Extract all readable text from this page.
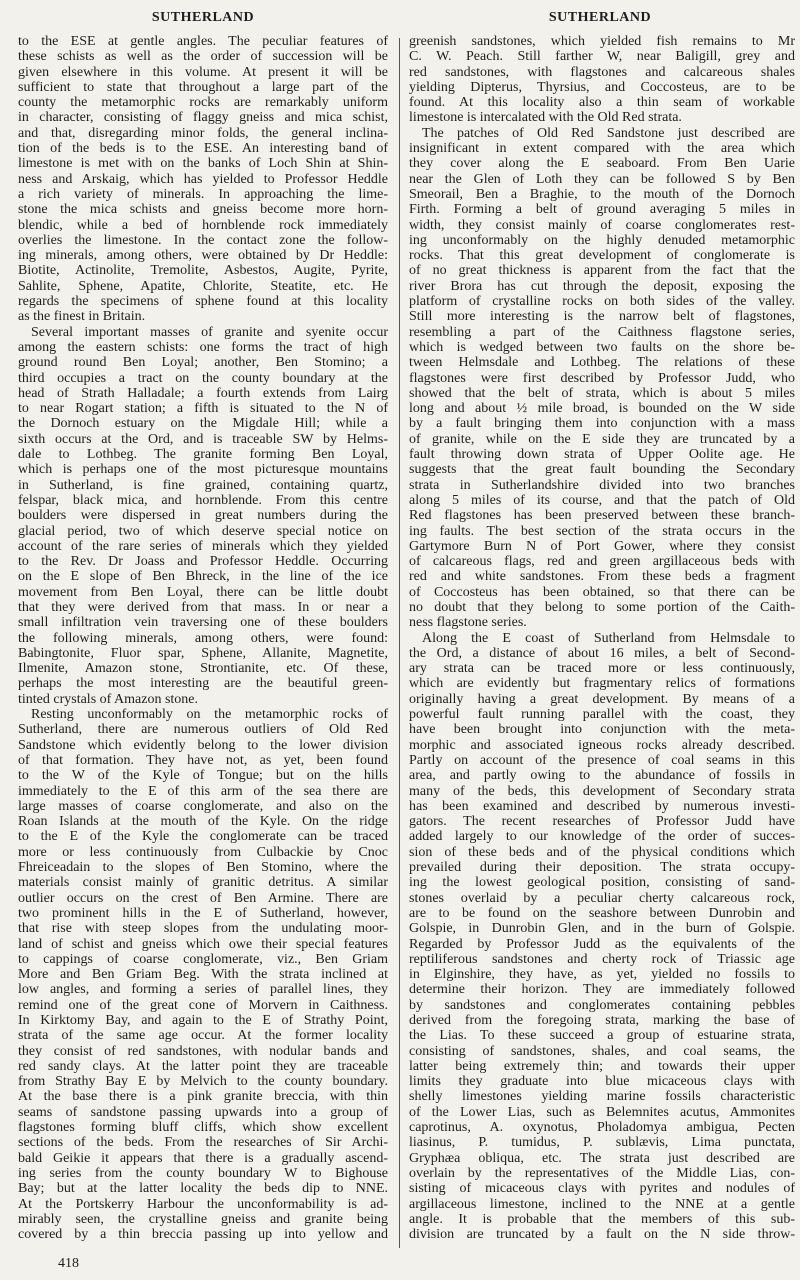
SUTHERLAND	SUTHERLAND
to the ESE at gentle angles. The peculiar features of
these schists as well as the order of succession will be
given elsewhere in this volume. At present it will be
sufficient to state that throughout a large part of the
county the metamorphic rocks are remarkably uniform
in character, consisting of flaggy gneiss and mica schist,
and that, disregarding minor folds, the general inclina-
tion of the beds is to the ESE. An interesting band of
limestone is met with on the banks of Loch Shin at Shin-
ness and Arskaig, which has yielded to Professor Heddle
a rich variety of minerals. In approaching the lime-
stone the mica schists and gneiss become more horn-
blendic, while a bed of hornblende rock immediately
overlies the limestone. In the contact zone the follow-
ing minerals, among others, were obtained by Dr Heddle:
Biotite, Actinolite, Tremolite, Asbestos, Augite, Pyrite,
Sahlite, Sphene, Apatite, Chlorite, Steatite, etc. He
regards the specimens of sphene found at this locality
as the finest in Britain.
Several important masses of granite and syenite occur
among the eastern schists: one forms the tract of high
ground round Ben Loyal; another, Ben Stomino; a
third occupies a tract on the county boundary at the
head of Strath Halladale; a fourth extends from Lairg
to near Rogart station; a fifth is situated to the N of
the Dornoch estuary on the Migdale Hill; while a
sixth occurs at the Ord, and is traceable SW by Helms-
dale to Lothbeg. The granite forming Ben Loyal,
which is perhaps one of the most picturesque mountains
in Sutherland, is fine grained, containing quartz,
felspar, black mica, and hornblende. From this centre
boulders were dispersed in great numbers during the
glacial period, two of which deserve special notice on
account of the rare series of minerals which they yielded
to the Rev. Dr Joass and Professor Heddle. Occurring
on the E slope of Ben Bhreck, in the line of the ice
movement from Ben Loyal, there can be little doubt
that they were derived from that mass. In or near a
small infiltration vein traversing one of these boulders
the following minerals, among others, were found:
Babingtonite, Fluor spar, Sphene, Allanite, Magnetite,
Ilmenite, Amazon stone, Strontianite, etc. Of these,
perhaps the most interesting are the beautiful green-
tinted crystals of Amazon stone.
Resting unconformably on the metamorphic rocks of
Sutherland, there are numerous outliers of Old Red
Sandstone which evidently belong to the lower division
of that formation. They have not, as yet, been found
to the W of the Kyle of Tongue; but on the hills
immediately to the E of this arm of the sea there are
large masses of coarse conglomerate, and also on the
Roan Islands at the mouth of the Kyle. On the ridge
to the E of the Kyle the conglomerate can be traced
more or less continuously from Culbackie by Cnoc
Fhreiceadain to the slopes of Ben Stomino, where the
materials consist mainly of granitic detritus. A similar
outlier occurs on the crest of Ben Armine. There are
two prominent hills in the E of Sutherland, however,
that rise with steep slopes from the undulating moor-
land of schist and gneiss which owe their special features
to cappings of coarse conglomerate, viz., Ben Griam
More and Ben Griam Beg. With the strata inclined at
low angles, and forming a series of parallel lines, they
remind one of the great cone of Morvern in Caithness.
In Kirktomy Bay, and again to the E of Strathy Point,
strata of the same age occur. At the former locality
they consist of red sandstones, with nodular bands and
red sandy clays. At the latter point they are traceable
from Strathy Bay E by Melvich to the county boundary.
At the base there is a pink granite breccia, with thin
seams of sandstone passing upwards into a group of
flagstones forming bluff cliffs, which show excellent
sections of the beds. From the researches of Sir Archi-
bald Geikie it appears that there is a gradually ascend-
ing series from the county boundary W to Bighouse
Bay; but at the latter locality the beds dip to NNE.
At the Portskerry Harbour the unconformability is ad-
mirably seen, the crystalline gneiss and granite being
covered by a thin breccia passing up into yellow and
greenish sandstones, which yielded fish remains to Mr
C. W. Peach. Still farther W, near Baligill, grey and
red sandstones, with flagstones and calcareous shales
yielding Dipterus, Thyrsius, and Coccosteus, are to be
found. At this locality also a thin seam of workable
limestone is intercalated with the Old Red strata.
The patches of Old Red Sandstone just described are
insignificant in extent compared with the area which
they cover along the E seaboard. From Ben Uarie
near the Glen of Loth they can be followed S by Ben
Smeorail, Ben a Braghie, to the mouth of the Dornoch
Firth. Forming a belt of ground averaging 5 miles in
width, they consist mainly of coarse conglomerates rest-
ing unconformably on the highly denuded metamorphic
rocks. That this great development of conglomerate is
of no great thickness is apparent from the fact that the
river Brora has cut through the deposit, exposing the
platform of crystalline rocks on both sides of the valley.
Still more interesting is the narrow belt of flagstones,
resembling a part of the Caithness flagstone series,
which is wedged between two faults on the shore be-
tween Helmsdale and Lothbeg. The relations of these
flagstones were first described by Professor Judd, who
showed that the belt of strata, which is about 5 miles
long and about ½ mile broad, is bounded on the W side
by a fault bringing them into conjunction with a mass
of granite, while on the E side they are truncated by a
fault throwing down strata of Upper Oolite age. He
suggests that the great fault bounding the Secondary
strata in Sutherlandshire divided into two branches
along 5 miles of its course, and that the patch of Old
Red flagstones has been preserved between these branch-
ing faults. The best section of the strata occurs in the
Gartymore Burn N of Port Gower, where they consist
of calcareous flags, red and green argillaceous beds with
red and white sandstones. From these beds a fragment
of Coccosteus has been obtained, so that there can be
no doubt that they belong to some portion of the Caith-
ness flagstone series.
Along the E coast of Sutherland from Helmsdale to
the Ord, a distance of about 16 miles, a belt of Second-
ary strata can be traced more or less continuously,
which are evidently but fragmentary relics of formations
originally having a great development. By means of a
powerful fault running parallel with the coast, they
have been brought into conjunction with the meta-
morphic and associated igneous rocks already described.
Partly on account of the presence of coal seams in this
area, and partly owing to the abundance of fossils in
many of the beds, this development of Secondary strata
has been examined and described by numerous investi-
gators. The recent researches of Professor Judd have
added largely to our knowledge of the order of succes-
sion of these beds and of the physical conditions which
prevailed during their deposition. The strata occupy-
ing the lowest geological position, consisting of sand-
stones overlaid by a peculiar cherty calcareous rock,
are to be found on the seashore between Dunrobin and
Golspie, in Dunrobin Glen, and in the burn of Golspie.
Regarded by Professor Judd as the equivalents of the
reptiliferous sandstones and cherty rock of Triassic age
in Elginshire, they have, as yet, yielded no fossils to
determine their horizon. They are immediately followed
by sandstones and conglomerates containing pebbles
derived from the foregoing strata, marking the base of
the Lias. To these succeed a group of estuarine strata,
consisting of sandstones, shales, and coal seams, the
latter being extremely thin; and towards their upper
limits they graduate into blue micaceous clays with
shelly limestones yielding marine fossils characteristic
of the Lower Lias, such as Belemnites acutus, Ammonites
caprotinus, A. oxynotus, Pholadomya ambigua, Pecten
liasinus, P. tumidus, P. sublævis, Lima punctata,
Gryphæa obliqua, etc. The strata just described are
overlain by the representatives of the Middle Lias, con-
sisting of micaceous clays with pyrites and nodules of
argillaceous limestone, inclined to the NNE at a gentle
angle. It is probable that the members of this sub-
division are truncated by a fault on the N side throw-
418
